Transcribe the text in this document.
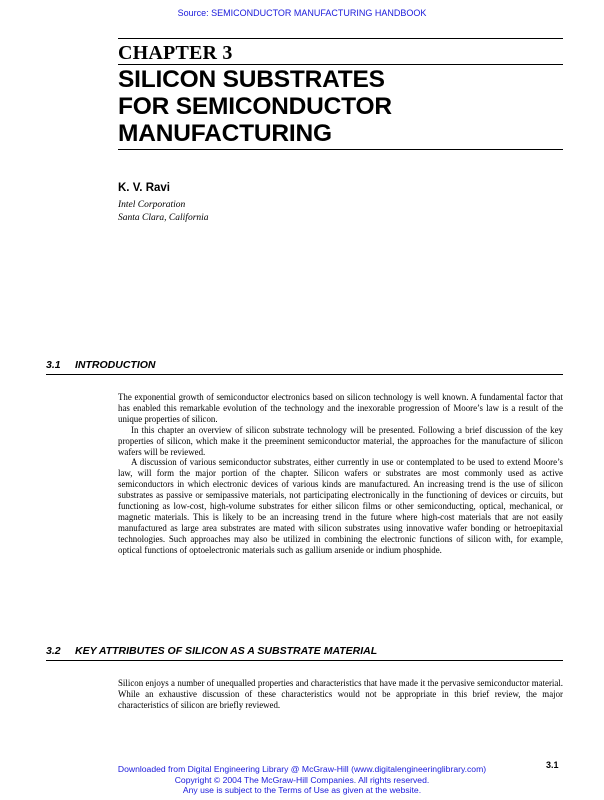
Source: SEMICONDUCTOR MANUFACTURING HANDBOOK
CHAPTER 3
SILICON SUBSTRATES
FOR SEMICONDUCTOR
MANUFACTURING
K. V. Ravi
Intel Corporation
Santa Clara, California
3.1 INTRODUCTION

The exponential growth of semiconductor electronics based on silicon technology is well known. A fundamental factor that has enabled this remarkable evolution of the technology and the inexorable progression of Moore’s law is a result of the unique properties of silicon.

In this chapter an overview of silicon substrate technology will be presented. Following a brief discussion of the key properties of silicon, which make it the preeminent semiconductor material, the approaches for the manufacture of silicon wafers will be reviewed.

A discussion of various semiconductor substrates, either currently in use or contemplated to be used to extend Moore’s law, will form the major portion of the chapter. Silicon wafers or substrates are most commonly used as active semiconductors in which electronic devices of various kinds are manufactured. An increasing trend is the use of silicon substrates as passive or semipassive materials, not participating electronically in the functioning of devices or circuits, but functioning as low-cost, high-volume substrates for either silicon films or other semiconducting, optical, mechanical, or magnetic materials. This is likely to be an increasing trend in the future where high-cost materials that are not easily manufactured as large area substrates are mated with silicon substrates using innovative wafer bonding or hetroepitaxial technologies. Such approaches may also be utilized in combining the electronic functions of silicon with, for example, optical functions of optoelectronic materials such as gallium arsenide or indium phosphide.

3.2 KEY ATTRIBUTES OF SILICON AS A SUBSTRATE MATERIAL

Silicon enjoys a number of unequalled properties and characteristics that have made it the pervasive semiconductor material. While an exhaustive discussion of these characteristics would not be appropriate in this brief review, the major characteristics of silicon are briefly reviewed.

3.1
Downloaded from Digital Engineering Library @ McGraw-Hill (www.digitalengineeringlibrary.com)
Copyright © 2004 The McGraw-Hill Companies. All rights reserved.
Any use is subject to the Terms of Use as given at the website.
